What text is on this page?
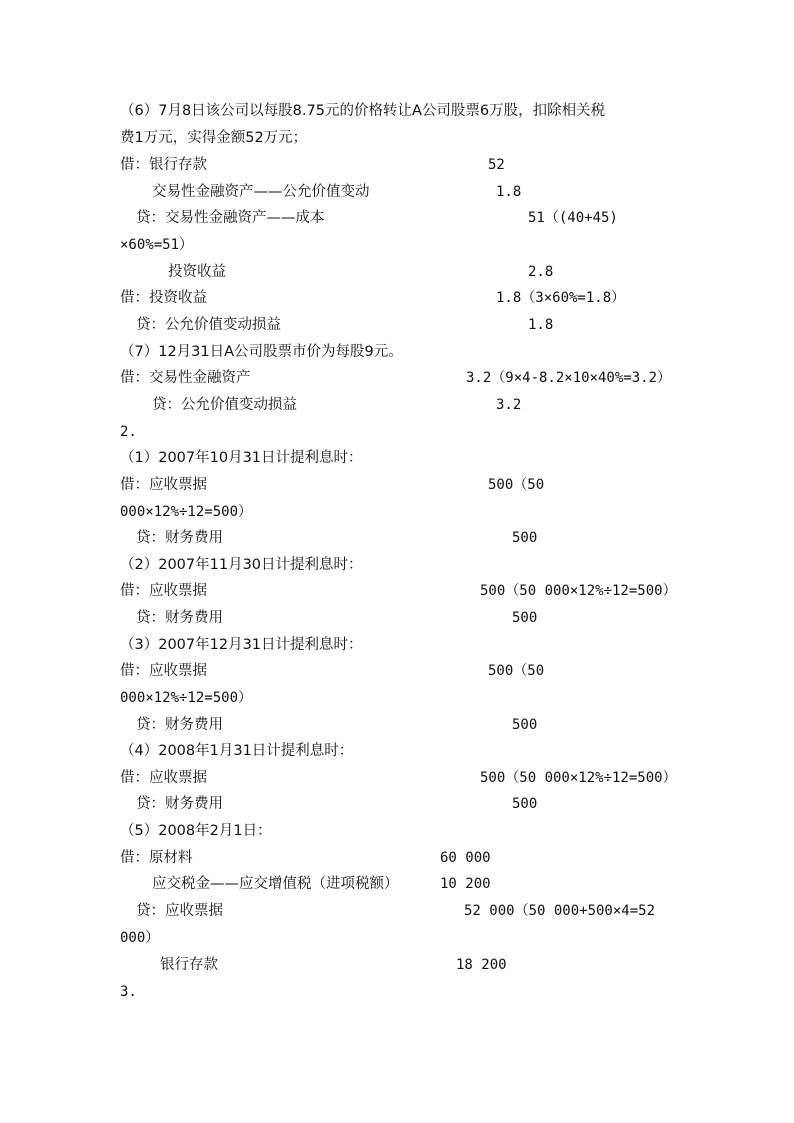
（6）7月8日该公司以每股8.75元的价格转让A公司股票6万股，扣除相关税
费1万元，实得金额52万元；
借：银行存款	52
交易性金融资产——公允价值变动	1.8
贷：交易性金融资产——成本	51（(40+45)
×60%=51）
投资收益	2.8
借：投资收益	1.8（3×60%=1.8）
贷：公允价值变动损益	1.8
（7）12月31日A公司股票市价为每股9元。
借：交易性金融资产	3.2（9×4-8.2×10×40%=3.2）
贷：公允价值变动损益	3.2
2.
（1）2007年10月31日计提利息时：
借：应收票据	500（50
000×12%÷12=500）
贷：财务费用	500
（2）2007年11月30日计提利息时：
借：应收票据	500（50 000×12%÷12=500）
贷：财务费用	500
（3）2007年12月31日计提利息时：
借：应收票据	500（50
000×12%÷12=500）
贷：财务费用	500
（4）2008年1月31日计提利息时：
借：应收票据	500（50 000×12%÷12=500）
贷：财务费用	500
（5）2008年2月1日：
借：原材料	60 000
应交税金——应交增值税（进项税额）	10 200
贷：应收票据	52 000（50 000+500×4=52
000）
银行存款	18 200
3.
